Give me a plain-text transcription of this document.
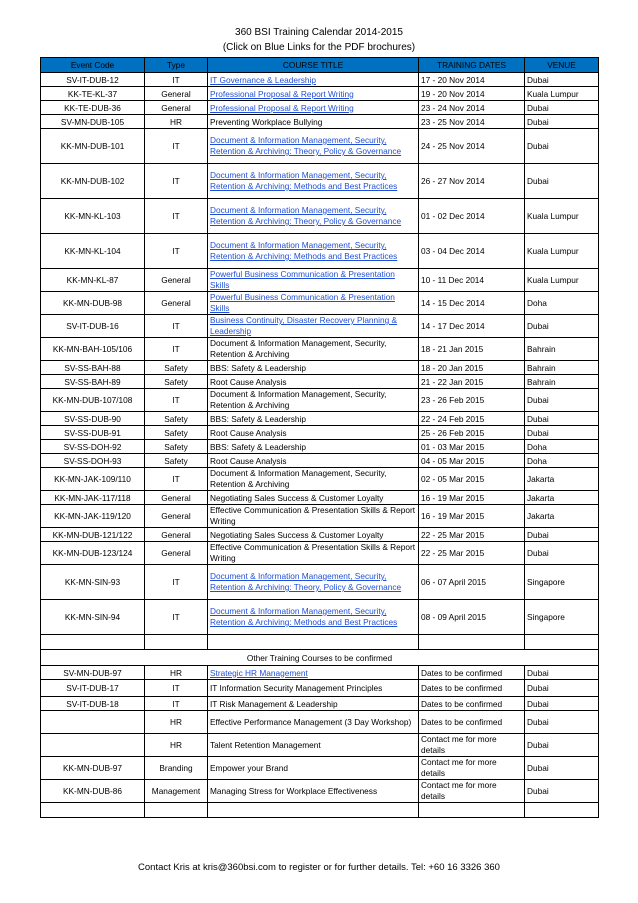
360 BSI Training Calendar 2014-2015
(Click on Blue Links for the PDF brochures)
Event Code	Type	COURSE TITLE	TRAINING DATES	VENUE
SV-IT-DUB-12	IT	IT Governance & Leadership	17 - 20 Nov 2014	Dubai
KK-TE-KL-37	General	Professional Proposal & Report Writing	19 - 20 Nov 2014	Kuala Lumpur
KK-TE-DUB-36	General	Professional Proposal & Report Writing	23 - 24 Nov 2014	Dubai
SV-MN-DUB-105	HR	Preventing Workplace Bullying	23 - 25 Nov 2014	Dubai
KK-MN-DUB-101	IT	Document & Information Management, Security, Retention & Archiving: Theory, Policy & Governance	24 - 25 Nov 2014	Dubai
KK-MN-DUB-102	IT	Document & Information Management, Security, Retention & Archiving: Methods and Best Practices	26 - 27 Nov 2014	Dubai
KK-MN-KL-103	IT	Document & Information Management, Security, Retention & Archiving: Theory, Policy & Governance	01 - 02 Dec 2014	Kuala Lumpur
KK-MN-KL-104	IT	Document & Information Management, Security, Retention & Archiving: Methods and Best Practices	03 - 04 Dec 2014	Kuala Lumpur
KK-MN-KL-87	General	Powerful Business Communication & Presentation Skills	10 - 11 Dec 2014	Kuala Lumpur
KK-MN-DUB-98	General	Powerful Business Communication & Presentation Skills	14 - 15 Dec 2014	Doha
SV-IT-DUB-16	IT	Business Continuity, Disaster Recovery Planning & Leadership	14 - 17 Dec 2014	Dubai
KK-MN-BAH-105/106	IT	Document & Information Management, Security, Retention & Archiving	18 - 21 Jan 2015	Bahrain
SV-SS-BAH-88	Safety	BBS: Safety & Leadership	18 - 20 Jan 2015	Bahrain
SV-SS-BAH-89	Safety	Root Cause Analysis	21 - 22 Jan 2015	Bahrain
KK-MN-DUB-107/108	IT	Document & Information Management, Security, Retention & Archiving	23 - 26 Feb 2015	Dubai
SV-SS-DUB-90	Safety	BBS: Safety & Leadership	22 - 24 Feb 2015	Dubai
SV-SS-DUB-91	Safety	Root Cause Analysis	25 - 26 Feb 2015	Dubai
SV-SS-DOH-92	Safety	BBS: Safety & Leadership	01 - 03 Mar 2015	Doha
SV-SS-DOH-93	Safety	Root Cause Analysis	04 - 05 Mar 2015	Doha
KK-MN-JAK-109/110	IT	Document & Information Management, Security, Retention & Archiving	02 - 05 Mar 2015	Jakarta
KK-MN-JAK-117/118	General	Negotiating Sales Success & Customer Loyalty	16 - 19 Mar 2015	Jakarta
KK-MN-JAK-119/120	General	Effective Communication & Presentation Skills & Report Writing	16 - 19 Mar 2015	Jakarta
KK-MN-DUB-121/122	General	Negotiating Sales Success & Customer Loyalty	22 - 25 Mar 2015	Dubai
KK-MN-DUB-123/124	General	Effective Communication & Presentation Skills & Report Writing	22 - 25 Mar 2015	Dubai
KK-MN-SIN-93	IT	Document & Information Management, Security, Retention & Archiving: Theory, Policy & Governance	06 - 07 April 2015	Singapore
KK-MN-SIN-94	IT	Document & Information Management, Security, Retention & Archiving: Methods and Best Practices	08 - 09 April 2015	Singapore

Other Training Courses to be confirmed				
SV-MN-DUB-97	HR	Strategic HR Management	Dates to be confirmed	Dubai
SV-IT-DUB-17	IT	IT Information Security Management Principles	Dates to be confirmed	Dubai
SV-IT-DUB-18	IT	IT Risk Management & Leadership	Dates to be confirmed	Dubai
	HR	Effective Performance Management (3 Day Workshop)	Dates to be confirmed	Dubai
	HR	Talent Retention Management	Contact me for more details	Dubai
KK-MN-DUB-97	Branding	Empower your Brand	Contact me for more details	Dubai
KK-MN-DUB-86	Management	Managing Stress for Workplace Effectiveness	Contact me for more details	Dubai

Contact Kris at kris@360bsi.com to register or for further details. Tel: +60 16 3326 360
